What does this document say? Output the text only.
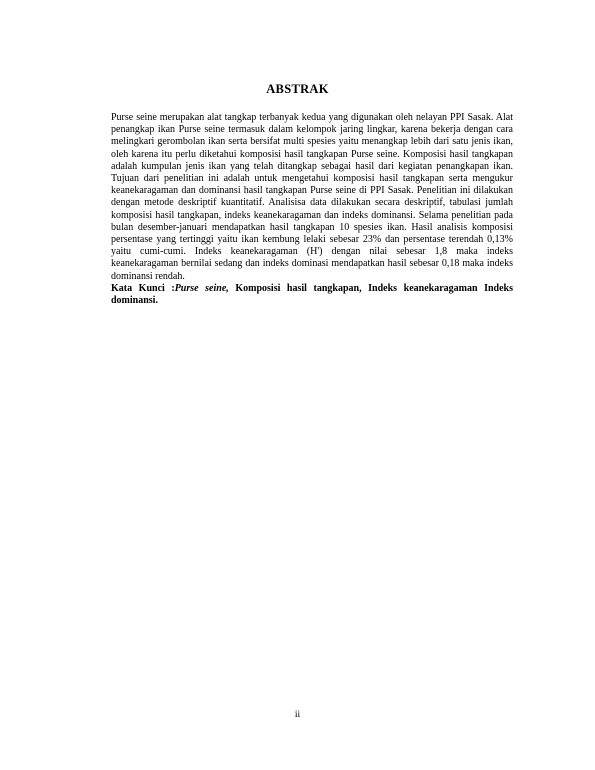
ABSTRAK

Purse seine merupakan alat tangkap terbanyak kedua yang digunakan oleh nelayan PPI Sasak. Alat penangkap ikan Purse seine termasuk dalam kelompok jaring lingkar, karena bekerja dengan cara melingkari gerombolan ikan serta bersifat multi spesies yaitu menangkap lebih dari satu jenis ikan, oleh karena itu perlu diketahui komposisi hasil tangkapan Purse seine. Komposisi hasil tangkapan adalah kumpulan jenis ikan yang telah ditangkap sebagai hasil dari kegiatan penangkapan ikan. Tujuan dari penelitian ini adalah untuk mengetahui komposisi hasil tangkapan serta mengukur keanekaragaman dan dominansi hasil tangkapan Purse seine di PPI Sasak. Penelitian ini dilakukan dengan metode deskriptif kuantitatif. Analisisa data dilakukan secara deskriptif, tabulasi jumlah komposisi hasil tangkapan, indeks keanekaragaman dan indeks dominansi. Selama penelitian pada bulan desember-januari mendapatkan hasil tangkapan 10 spesies ikan. Hasil analisis komposisi persentase yang tertinggi yaitu ikan kembung lelaki sebesar 23% dan persentase terendah 0,13% yaitu cumi-cumi. Indeks keanekaragaman (H') dengan nilai sebesar 1,8 maka indeks keanekaragaman bernilai sedang dan indeks dominasi mendapatkan hasil sebesar 0,18 maka indeks dominansi rendah.

Kata Kunci :Purse seine, Komposisi hasil tangkapan, Indeks keanekaragaman Indeks dominansi.

ii
